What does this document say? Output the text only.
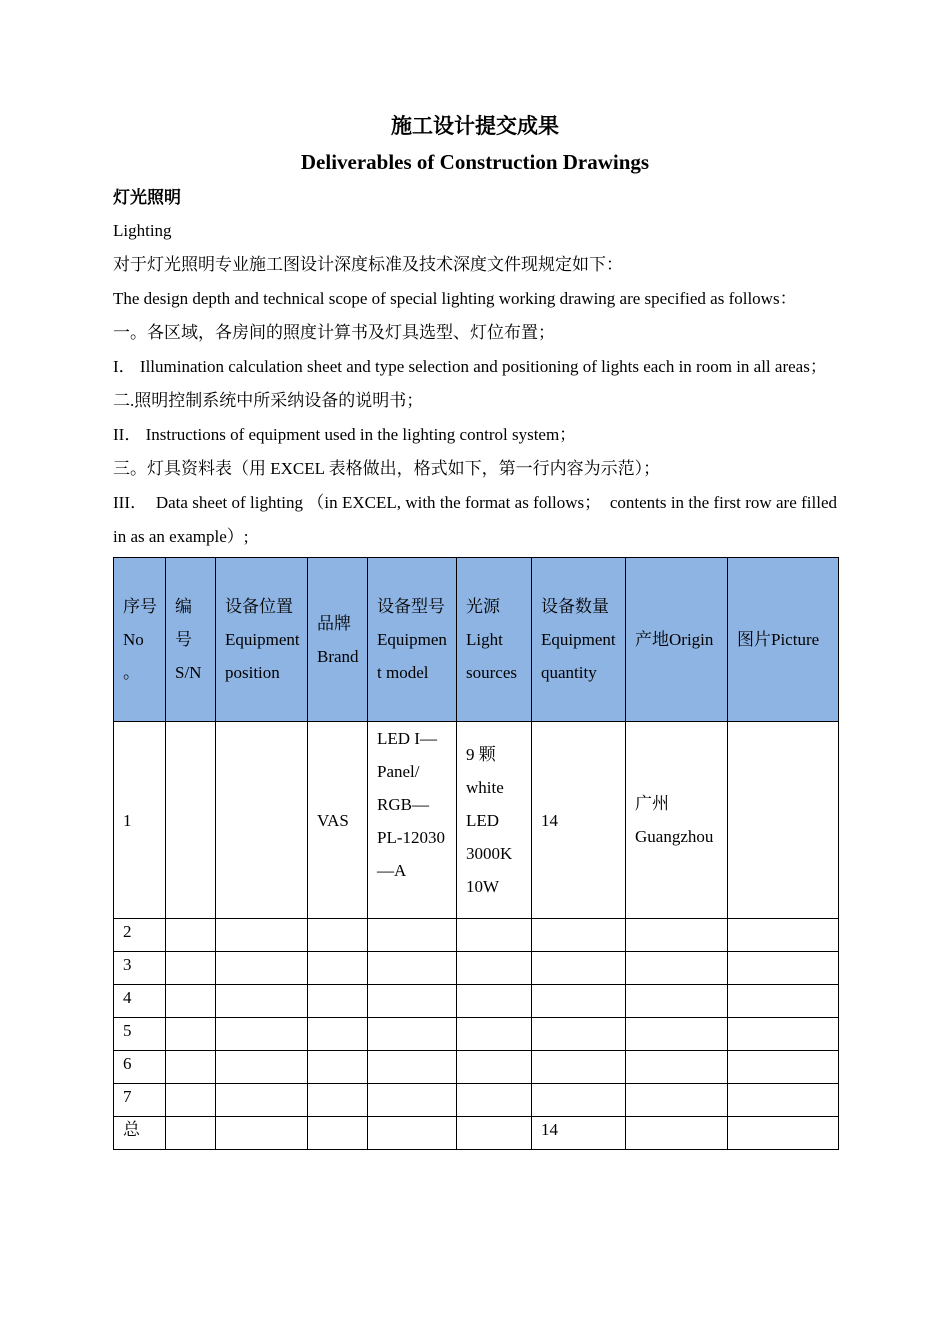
施工设计提交成果
Deliverables of Construction Drawings
灯光照明

Lighting

对于灯光照明专业施工图设计深度标准及技术深度文件现规定如下：

The design depth and technical scope of special lighting working drawing are specified as follows：

一。各区域，各房间的照度计算书及灯具选型、灯位布置；

I． Illumination calculation sheet and type selection and positioning of lights each in room in all areas；

二.照明控制系统中所采纳设备的说明书；

II． Instructions of equipment used in the lighting control system；

三。灯具资料表（用 EXCEL 表格做出，格式如下，第一行内容为示范）；

III．  Data sheet of lighting （in EXCEL, with the format as follows；  contents in the first row are filled in as an example）;

序号No。	编号S/N	设备位置Equipment position	品牌Brand	设备型号Equipment model	光源Light sources	设备数量Equipment quantity	产地Origin	图片Picture
1			VAS	LED I—Panel/ RGB—PL-12030—A	9 颗 white LED 3000K 10W	14	广州 Guangzhou	
2								
3								
4								
5								
6								
7								
总						14		
